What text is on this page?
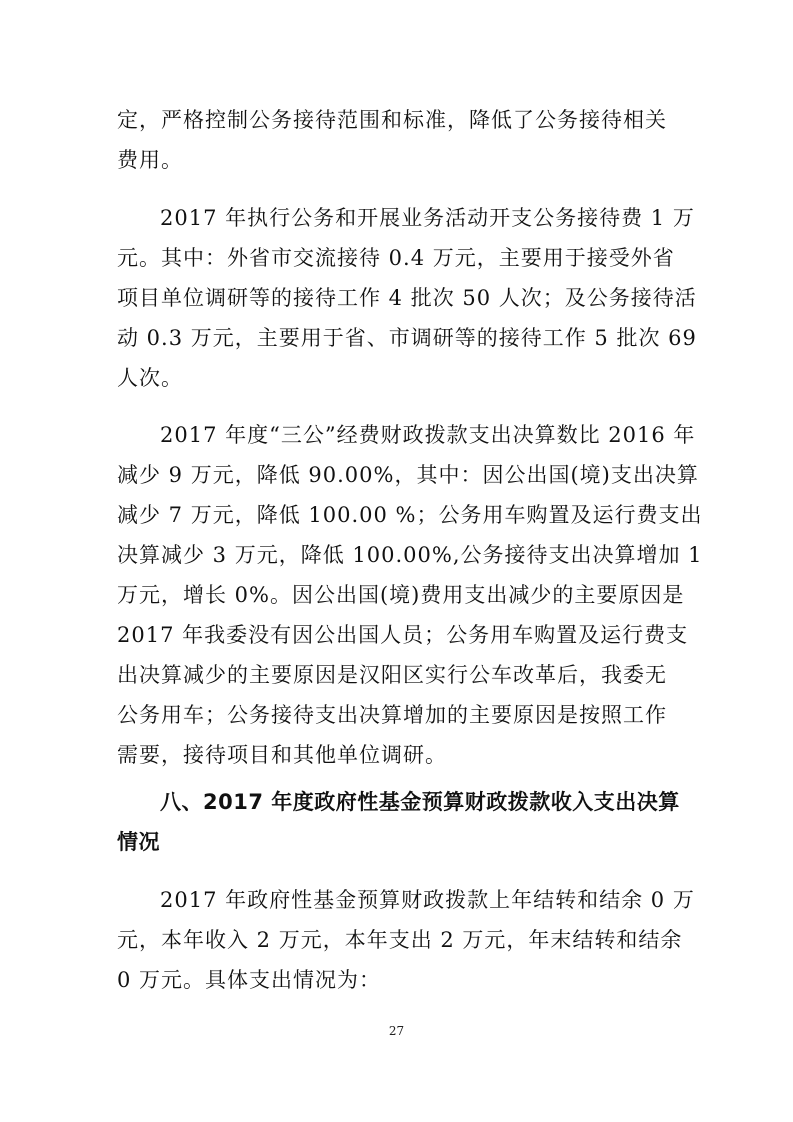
定，严格控制公务接待范围和标准，降低了公务接待相关
费用。
2017 年执行公务和开展业务活动开支公务接待费 1 万
元。其中：外省市交流接待 0.4 万元，主要用于接受外省
项目单位调研等的接待工作 4 批次 50 人次；及公务接待活
动 0.3 万元，主要用于省、市调研等的接待工作 5 批次 69
人次。
2017 年度“三公”经费财政拨款支出决算数比 2016 年
减少 9 万元，降低 90.00%，其中：因公出国(境)支出决算
减少 7 万元，降低 100.00 %；公务用车购置及运行费支出
决算减少 3 万元，降低 100.00%,公务接待支出决算增加 1
万元，增长 0%。因公出国(境)费用支出减少的主要原因是
2017 年我委没有因公出国人员；公务用车购置及运行费支
出决算减少的主要原因是汉阳区实行公车改革后，我委无
公务用车；公务接待支出决算增加的主要原因是按照工作
需要，接待项目和其他单位调研。
八、2017 年度政府性基金预算财政拨款收入支出决算
情况
2017 年政府性基金预算财政拨款上年结转和结余 0 万
元，本年收入 2 万元，本年支出 2 万元，年末结转和结余
0 万元。具体支出情况为：
27
